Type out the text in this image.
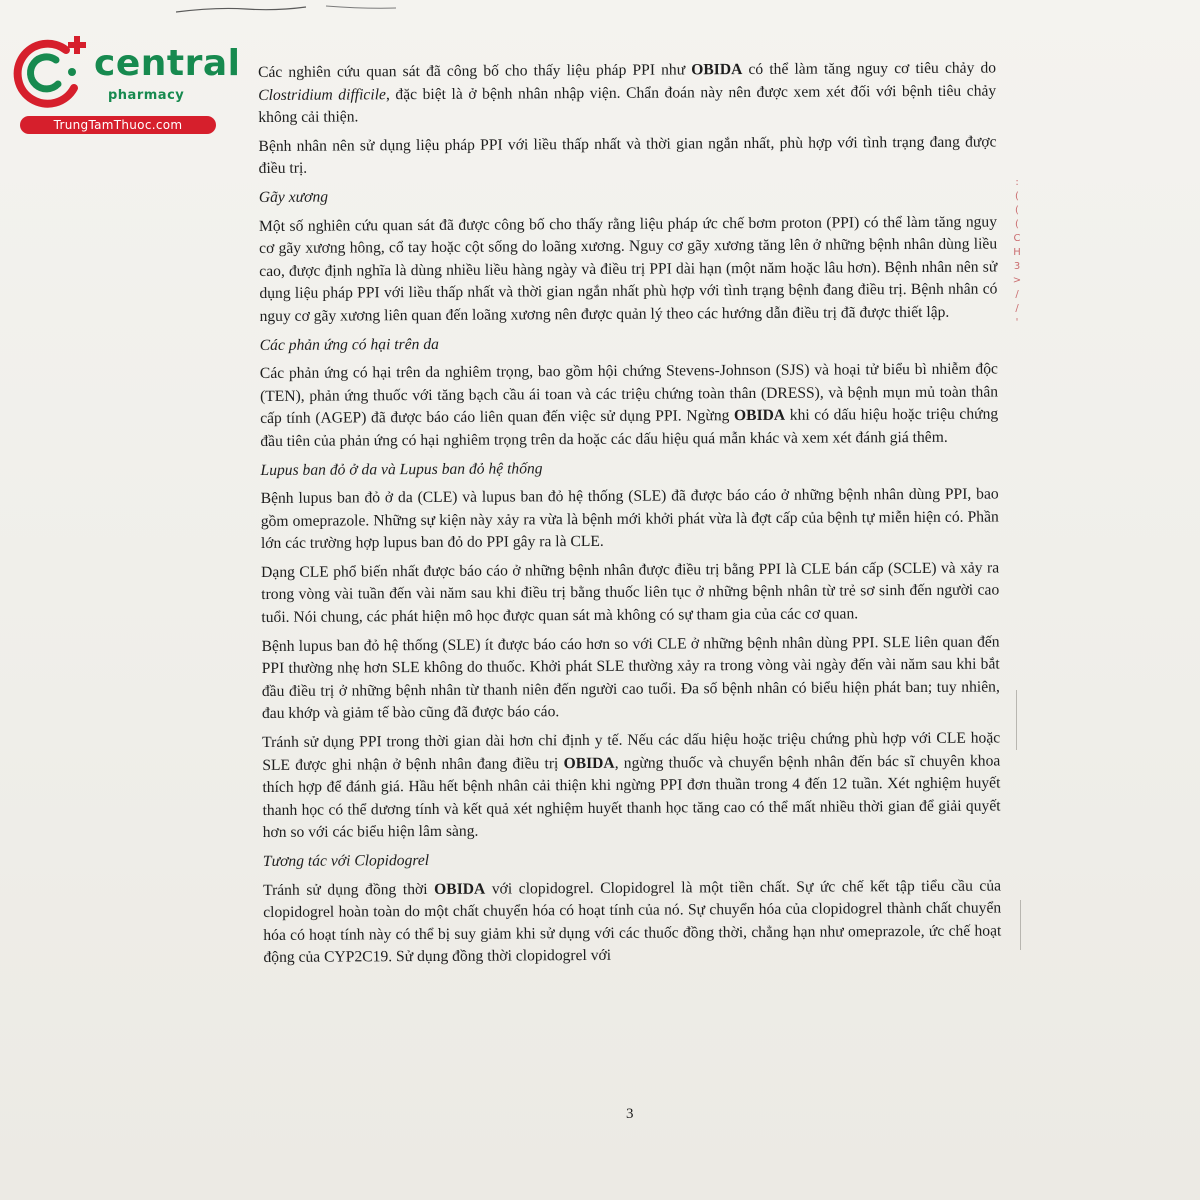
central
pharmacy
TrungTamThuoc.com
:
(
(
(
C
H
3
>
/
/
'

Các nghiên cứu quan sát đã công bố cho thấy liệu pháp PPI như OBIDA có thể làm tăng nguy cơ tiêu chảy do Clostridium difficile, đặc biệt là ở bệnh nhân nhập viện. Chẩn đoán này nên được xem xét đối với bệnh tiêu chảy không cải thiện.

Bệnh nhân nên sử dụng liệu pháp PPI với liều thấp nhất và thời gian ngắn nhất, phù hợp với tình trạng đang được điều trị.

Gãy xương

Một số nghiên cứu quan sát đã được công bố cho thấy rằng liệu pháp ức chế bơm proton (PPI) có thể làm tăng nguy cơ gãy xương hông, cổ tay hoặc cột sống do loãng xương. Nguy cơ gãy xương tăng lên ở những bệnh nhân dùng liều cao, được định nghĩa là dùng nhiều liều hàng ngày và điều trị PPI dài hạn (một năm hoặc lâu hơn). Bệnh nhân nên sử dụng liệu pháp PPI với liều thấp nhất và thời gian ngắn nhất phù hợp với tình trạng bệnh đang điều trị. Bệnh nhân có nguy cơ gãy xương liên quan đến loãng xương nên được quản lý theo các hướng dẫn điều trị đã được thiết lập.

Các phản ứng có hại trên da

Các phản ứng có hại trên da nghiêm trọng, bao gồm hội chứng Stevens-Johnson (SJS) và hoại tử biểu bì nhiễm độc (TEN), phản ứng thuốc với tăng bạch cầu ái toan và các triệu chứng toàn thân (DRESS), và bệnh mụn mủ toàn thân cấp tính (AGEP) đã được báo cáo liên quan đến việc sử dụng PPI. Ngừng OBIDA khi có dấu hiệu hoặc triệu chứng đầu tiên của phản ứng có hại nghiêm trọng trên da hoặc các dấu hiệu quá mẫn khác và xem xét đánh giá thêm.

Lupus ban đỏ ở da và Lupus ban đỏ hệ thống

Bệnh lupus ban đỏ ở da (CLE) và lupus ban đỏ hệ thống (SLE) đã được báo cáo ở những bệnh nhân dùng PPI, bao gồm omeprazole. Những sự kiện này xảy ra vừa là bệnh mới khởi phát vừa là đợt cấp của bệnh tự miễn hiện có. Phần lớn các trường hợp lupus ban đỏ do PPI gây ra là CLE.

Dạng CLE phổ biến nhất được báo cáo ở những bệnh nhân được điều trị bằng PPI là CLE bán cấp (SCLE) và xảy ra trong vòng vài tuần đến vài năm sau khi điều trị bằng thuốc liên tục ở những bệnh nhân từ trẻ sơ sinh đến người cao tuổi. Nói chung, các phát hiện mô học được quan sát mà không có sự tham gia của các cơ quan.

Bệnh lupus ban đỏ hệ thống (SLE) ít được báo cáo hơn so với CLE ở những bệnh nhân dùng PPI. SLE liên quan đến PPI thường nhẹ hơn SLE không do thuốc. Khởi phát SLE thường xảy ra trong vòng vài ngày đến vài năm sau khi bắt đầu điều trị ở những bệnh nhân từ thanh niên đến người cao tuổi. Đa số bệnh nhân có biểu hiện phát ban; tuy nhiên, đau khớp và giảm tế bào cũng đã được báo cáo.

Tránh sử dụng PPI trong thời gian dài hơn chỉ định y tế. Nếu các dấu hiệu hoặc triệu chứng phù hợp với CLE hoặc SLE được ghi nhận ở bệnh nhân đang điều trị OBIDA, ngừng thuốc và chuyển bệnh nhân đến bác sĩ chuyên khoa thích hợp để đánh giá. Hầu hết bệnh nhân cải thiện khi ngừng PPI đơn thuần trong 4 đến 12 tuần. Xét nghiệm huyết thanh học có thể dương tính và kết quả xét nghiệm huyết thanh học tăng cao có thể mất nhiều thời gian để giải quyết hơn so với các biểu hiện lâm sàng.

Tương tác với Clopidogrel

Tránh sử dụng đồng thời OBIDA với clopidogrel. Clopidogrel là một tiền chất. Sự ức chế kết tập tiểu cầu của clopidogrel hoàn toàn do một chất chuyển hóa có hoạt tính của nó. Sự chuyển hóa của clopidogrel thành chất chuyển hóa có hoạt tính này có thể bị suy giảm khi sử dụng với các thuốc đồng thời, chẳng hạn như omeprazole, ức chế hoạt động của CYP2C19. Sử dụng đồng thời clopidogrel với

3
